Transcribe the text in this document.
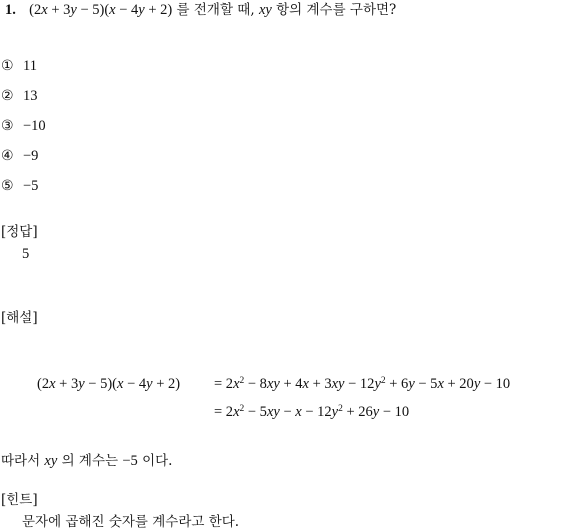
1. (2x + 3y − 5)(x − 4y + 2) 를 전개할 때, xy 항의 계수를 구하면?
① 11
② 13
③ −10
④ −9
⑤ −5
[정답]
5
[해설]
$(2x + 3y - 5)(x - 4y + 2) = 2x^2 - 8xy + 4x + 3xy - 12y^2 + 6y - 5x + 20y - 10$
= $2x^2 - 5xy - x - 12y^2 + 26y - 10$
따라서 xy 의 계수는 −5 이다.
[힌트]
문자에 곱해진 숫자를 계수라고 한다.
